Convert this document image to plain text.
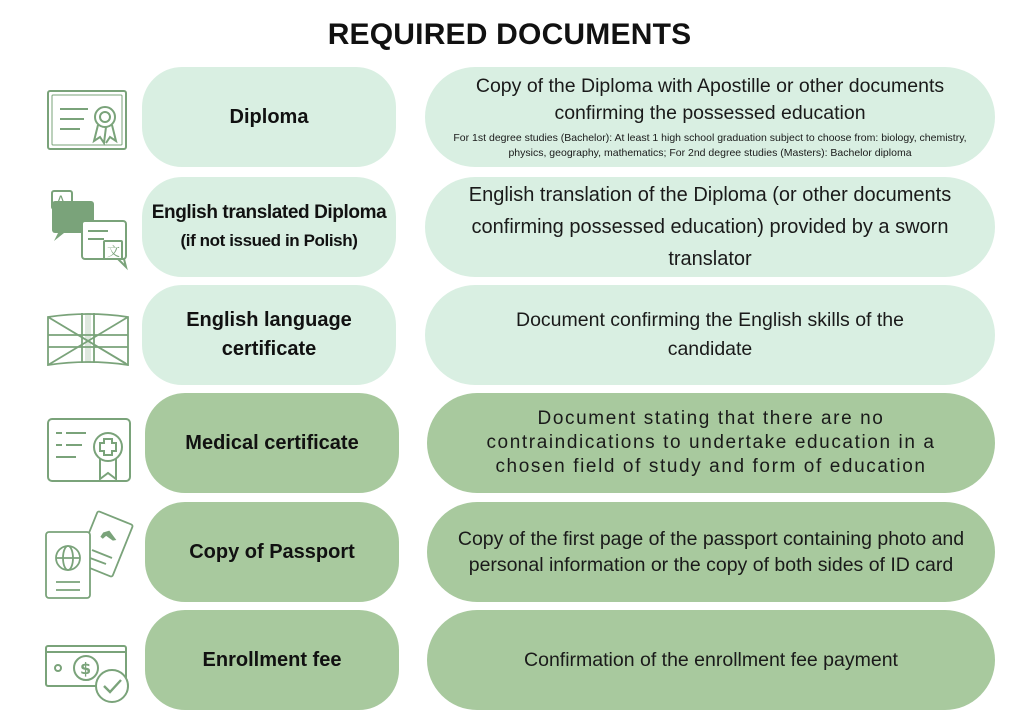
REQUIRED DOCUMENTS
Diploma
Copy of the Diploma with Apostille or other documents confirming the possessed education
For 1st degree studies (Bachelor): At least 1 high school graduation subject to choose from: biology, chemistry, physics, geography, mathematics; For 2nd degree studies (Masters): Bachelor diploma
文
English translated Diploma
(if not issued in Polish)
English translation of the Diploma (or other documents confirming possessed education) provided by a sworn translator
English language certificate
Document confirming the English skills of the candidate
Medical certificate
Document stating that there are no contraindications to undertake education in a chosen field of study and form of education
Copy of Passport
Copy of the first page of the passport containing photo and personal information or the copy of both sides of ID card
$	Enrollment fee	Confirmation of the enrollment fee payment
